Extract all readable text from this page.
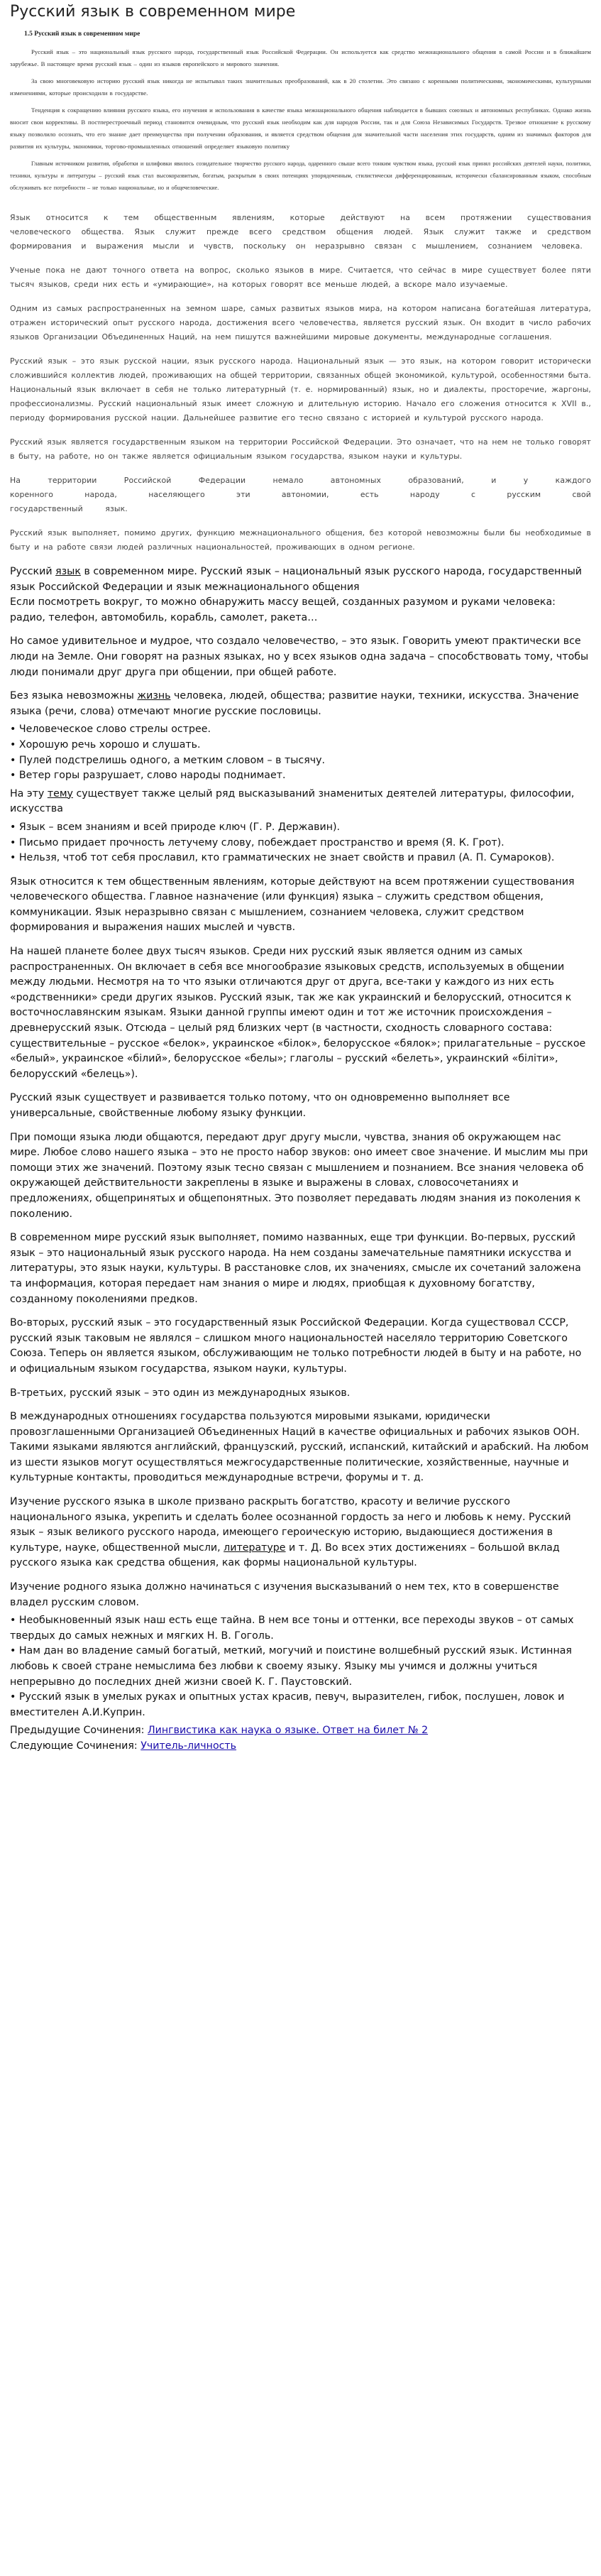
Русский язык в современном мире
1.5 Русский язык в современном мире

Русский язык – это национальный язык русского народа, государственный язык Российской Федерации. Он используется как средство межнационального общения в самой России и в ближайшем зарубежье. В настоящее время русский язык – один из языков европейского и мирового значения.

За свою многовековую историю русский язык никогда не испытывал таких значительных преобразований, как в 20 столетии. Это связано с коренными политическими, экономическими, культурными изменениями, которые происходили в государстве.

Тенденция к сокращению влияния русского языка, его изучения и использования в качестве языка межнационального общения наблюдается в бывших союзных и автономных республиках. Однако жизнь вносит свои коррективы. В постперестроечный период становится очевидным, что русский язык необходим как для народов России, так и для Союза Независимых Государств. Трезвое отношение к русскому языку позволило осознать, что его знание дает преимущества при получении образования, и является средством общения для значительной части населения этих государств, одним из значимых факторов для развития их культуры, экономики, торгово-промышленных отношений определяет языковую политику

Главным источником развития, обработки и шлифовки явилось созидательное творчество русского народа, одаренного свыше всего тонким чувством языка, русский язык принял российских деятелей науки, политики, техники, культуры и литературы – русский язык стал высокоразвитым, богатым, раскрытым в своих потенциях упорядоченным, стилистически дифференцированным, исторически сбалансированным языком, способным обслуживать все потребности – не только национальные, но и общечеловеческие.

Язык относится к тем общественным явлениям, которые действуют на всем протяжении существования человеческого общества. Язык служит прежде всего средством общения людей. Язык служит также и средством формирования и выражения мысли и чувств, поскольку он неразрывно связан с мышлением, сознанием человека.

Ученые пока не дают точного ответа на вопрос, сколько языков в мире. Считается, что сейчас в мире существует более пяти тысяч языков, среди них есть и «умирающие», на которых говорят все меньше людей, а вскоре мало изучаемые.

Одним из самых распространенных на земном шаре, самых развитых языков мира, на котором написана богатейшая литература, отражен исторический опыт русского народа, достижения всего человечества, является русский язык. Он входит в число рабочих языков Организации Объединенных Наций, на нем пишутся важнейшими мировые документы, международные соглашения.

Русский язык – это язык русской нации, язык русского народа. Национальный язык — это язык, на котором говорит исторически сложившийся коллектив людей, проживающих на общей территории, связанных общей экономикой, культурой, особенностями быта. Национальный язык включает в себя не только литературный (т. е. нормированный) язык, но и диалекты, просторечие, жаргоны, профессионализмы. Русский национальный язык имеет сложную и длительную историю. Начало его сложения относится к XVII в., периоду формирования русской нации. Дальнейшее развитие его тесно связано с историей и культурой русского народа.

Русский язык является государственным языком на территории Российской Федерации. Это означает, что на нем не только говорят в быту, на работе, но он также является официальным языком государства, языком науки и культуры.

На территории Российской Федерации немало автономных образований, и у каждого коренного народа, населяющего эти автономии, есть народу с русским свой государственный язык.

Русский язык выполняет, помимо других, функцию межнационального общения, без которой невозможны были бы необходимые в быту и на работе связи людей различных национальностей, проживающих в одном регионе.

Русский язык в современном мире. Русский язык – национальный язык русского народа, государственный язык Российской Федерации и язык межнационального общения
Если посмотреть вокруг, то можно обнаружить массу вещей, созданных разумом и руками человека: радио, телефон, автомобиль, корабль, самолет, ракета…

Но самое удивительное и мудрое, что создало человечество, – это язык. Говорить умеют практически все люди на Земле. Они говорят на разных языках, но у всех языков одна задача – способствовать тому, чтобы люди понимали друг друга при общении, при общей работе.

Без языка невозможны жизнь человека, людей, общества; развитие науки, техники, искусства. Значение языка (речи, слова) отмечают многие русские пословицы.

• Человеческое слово стрелы острее.
• Хорошую речь хорошо и слушать.
• Пулей подстрелишь одного, а метким словом – в тысячу.
• Ветер горы разрушает, слово народы поднимает.

На эту тему существует также целый ряд высказываний знаменитых деятелей литературы, философии, искусства

• Язык – всем знаниям и всей природе ключ (Г. Р. Державин).
• Письмо придает прочность летучему слову, побеждает пространство и время (Я. К. Грот).
• Нельзя, чтоб тот себя прославил, кто грамматических не знает свойств и правил (А. П. Сумароков).

Язык относится к тем общественным явлениям, которые действуют на всем протяжении существования человеческого общества. Главное назначение (или функция) языка – служить средством общения, коммуникации. Язык неразрывно связан с мышлением, сознанием человека, служит средством формирования и выражения наших мыслей и чувств.

На нашей планете более двух тысяч языков. Среди них русский язык является одним из самых распространенных. Он включает в себя все многообразие языковых средств, используемых в общении между людьми. Несмотря на то что языки отличаются друг от друга, все-таки у каждого из них есть «родственники» среди других языков. Русский язык, так же как украинский и белорусский, относится к восточнославянским языкам. Языки данной группы имеют один и тот же источник происхождения – древнерусский язык. Отсюда – целый ряд близких черт (в частности, сходность словарного состава: существительные – русское «белок», украинское «білок», белорусское «бялок»; прилагательные – русское «белый», украинское «білий», белорусское «белы»; глаголы – русский «белеть», украинский «біліти», белорусский «белець»).

Русский язык существует и развивается только потому, что он одновременно выполняет все универсальные, свойственные любому языку функции.

При помощи языка люди общаются, передают друг другу мысли, чувства, знания об окружающем нас мире. Любое слово нашего языка – это не просто набор звуков: оно имеет свое значение. И мыслим мы при помощи этих же значений. Поэтому язык тесно связан с мышлением и познанием. Все знания человека об окружающей действительности закреплены в языке и выражены в словах, словосочетаниях и предложениях, общепринятых и общепонятных. Это позволяет передавать людям знания из поколения к поколению.

В современном мире русский язык выполняет, помимо названных, еще три функции. Во-первых, русский язык – это национальный язык русского народа. На нем созданы замечательные памятники искусства и литературы, это язык науки, культуры. В расстановке слов, их значениях, смысле их сочетаний заложена та информация, которая передает нам знания о мире и людях, приобщая к духовному богатству, созданному поколениями предков.

Во-вторых, русский язык – это государственный язык Российской Федерации. Когда существовал СССР, русский язык таковым не являлся – слишком много национальностей населяло территорию Советского Союза. Теперь он является языком, обслуживающим не только потребности людей в быту и на работе, но и официальным языком государства, языком науки, культуры.

В-третьих, русский язык – это один из международных языков.

В международных отношениях государства пользуются мировыми языками, юридически провозглашенными Организацией Объединенных Наций в качестве официальных и рабочих языков ООН. Такими языками являются английский, французский, русский, испанский, китайский и арабский. На любом из шести языков могут осуществляться межгосударственные политические, хозяйственные, научные и культурные контакты, проводиться международные встречи, форумы и т. д.

Изучение русского языка в школе призвано раскрыть богатство, красоту и величие русского национального языка, укрепить и сделать более осознанной гордость за него и любовь к нему. Русский язык – язык великого русского народа, имеющего героическую историю, выдающиеся достижения в культуре, науке, общественной мысли, литературе и т. Д. Во всех этих достижениях – большой вклад русского языка как средства общения, как формы национальной культуры.

Изучение родного языка должно начинаться с изучения высказываний о нем тех, кто в совершенстве владел русским словом.

• Необыкновенный язык наш есть еще тайна. В нем все тоны и оттенки, все переходы звуков – от самых твердых до самых нежных и мягких Н. В. Гоголь.
• Нам дан во владение самый богатый, меткий, могучий и поистине волшебный русский язык. Истинная любовь к своей стране немыслима без любви к своему языку. Языку мы учимся и должны учиться непрерывно до последних дней жизни своей К. Г. Паустовский.
• Русский язык в умелых руках и опытных устах красив, певуч, выразителен, гибок, послушен, ловок и вместителен А.И.Куприн.
Предыдущие Сочинения: Лингвистика как наука о языке. Ответ на билет № 2
Следующие Сочинения: Учитель-личность
